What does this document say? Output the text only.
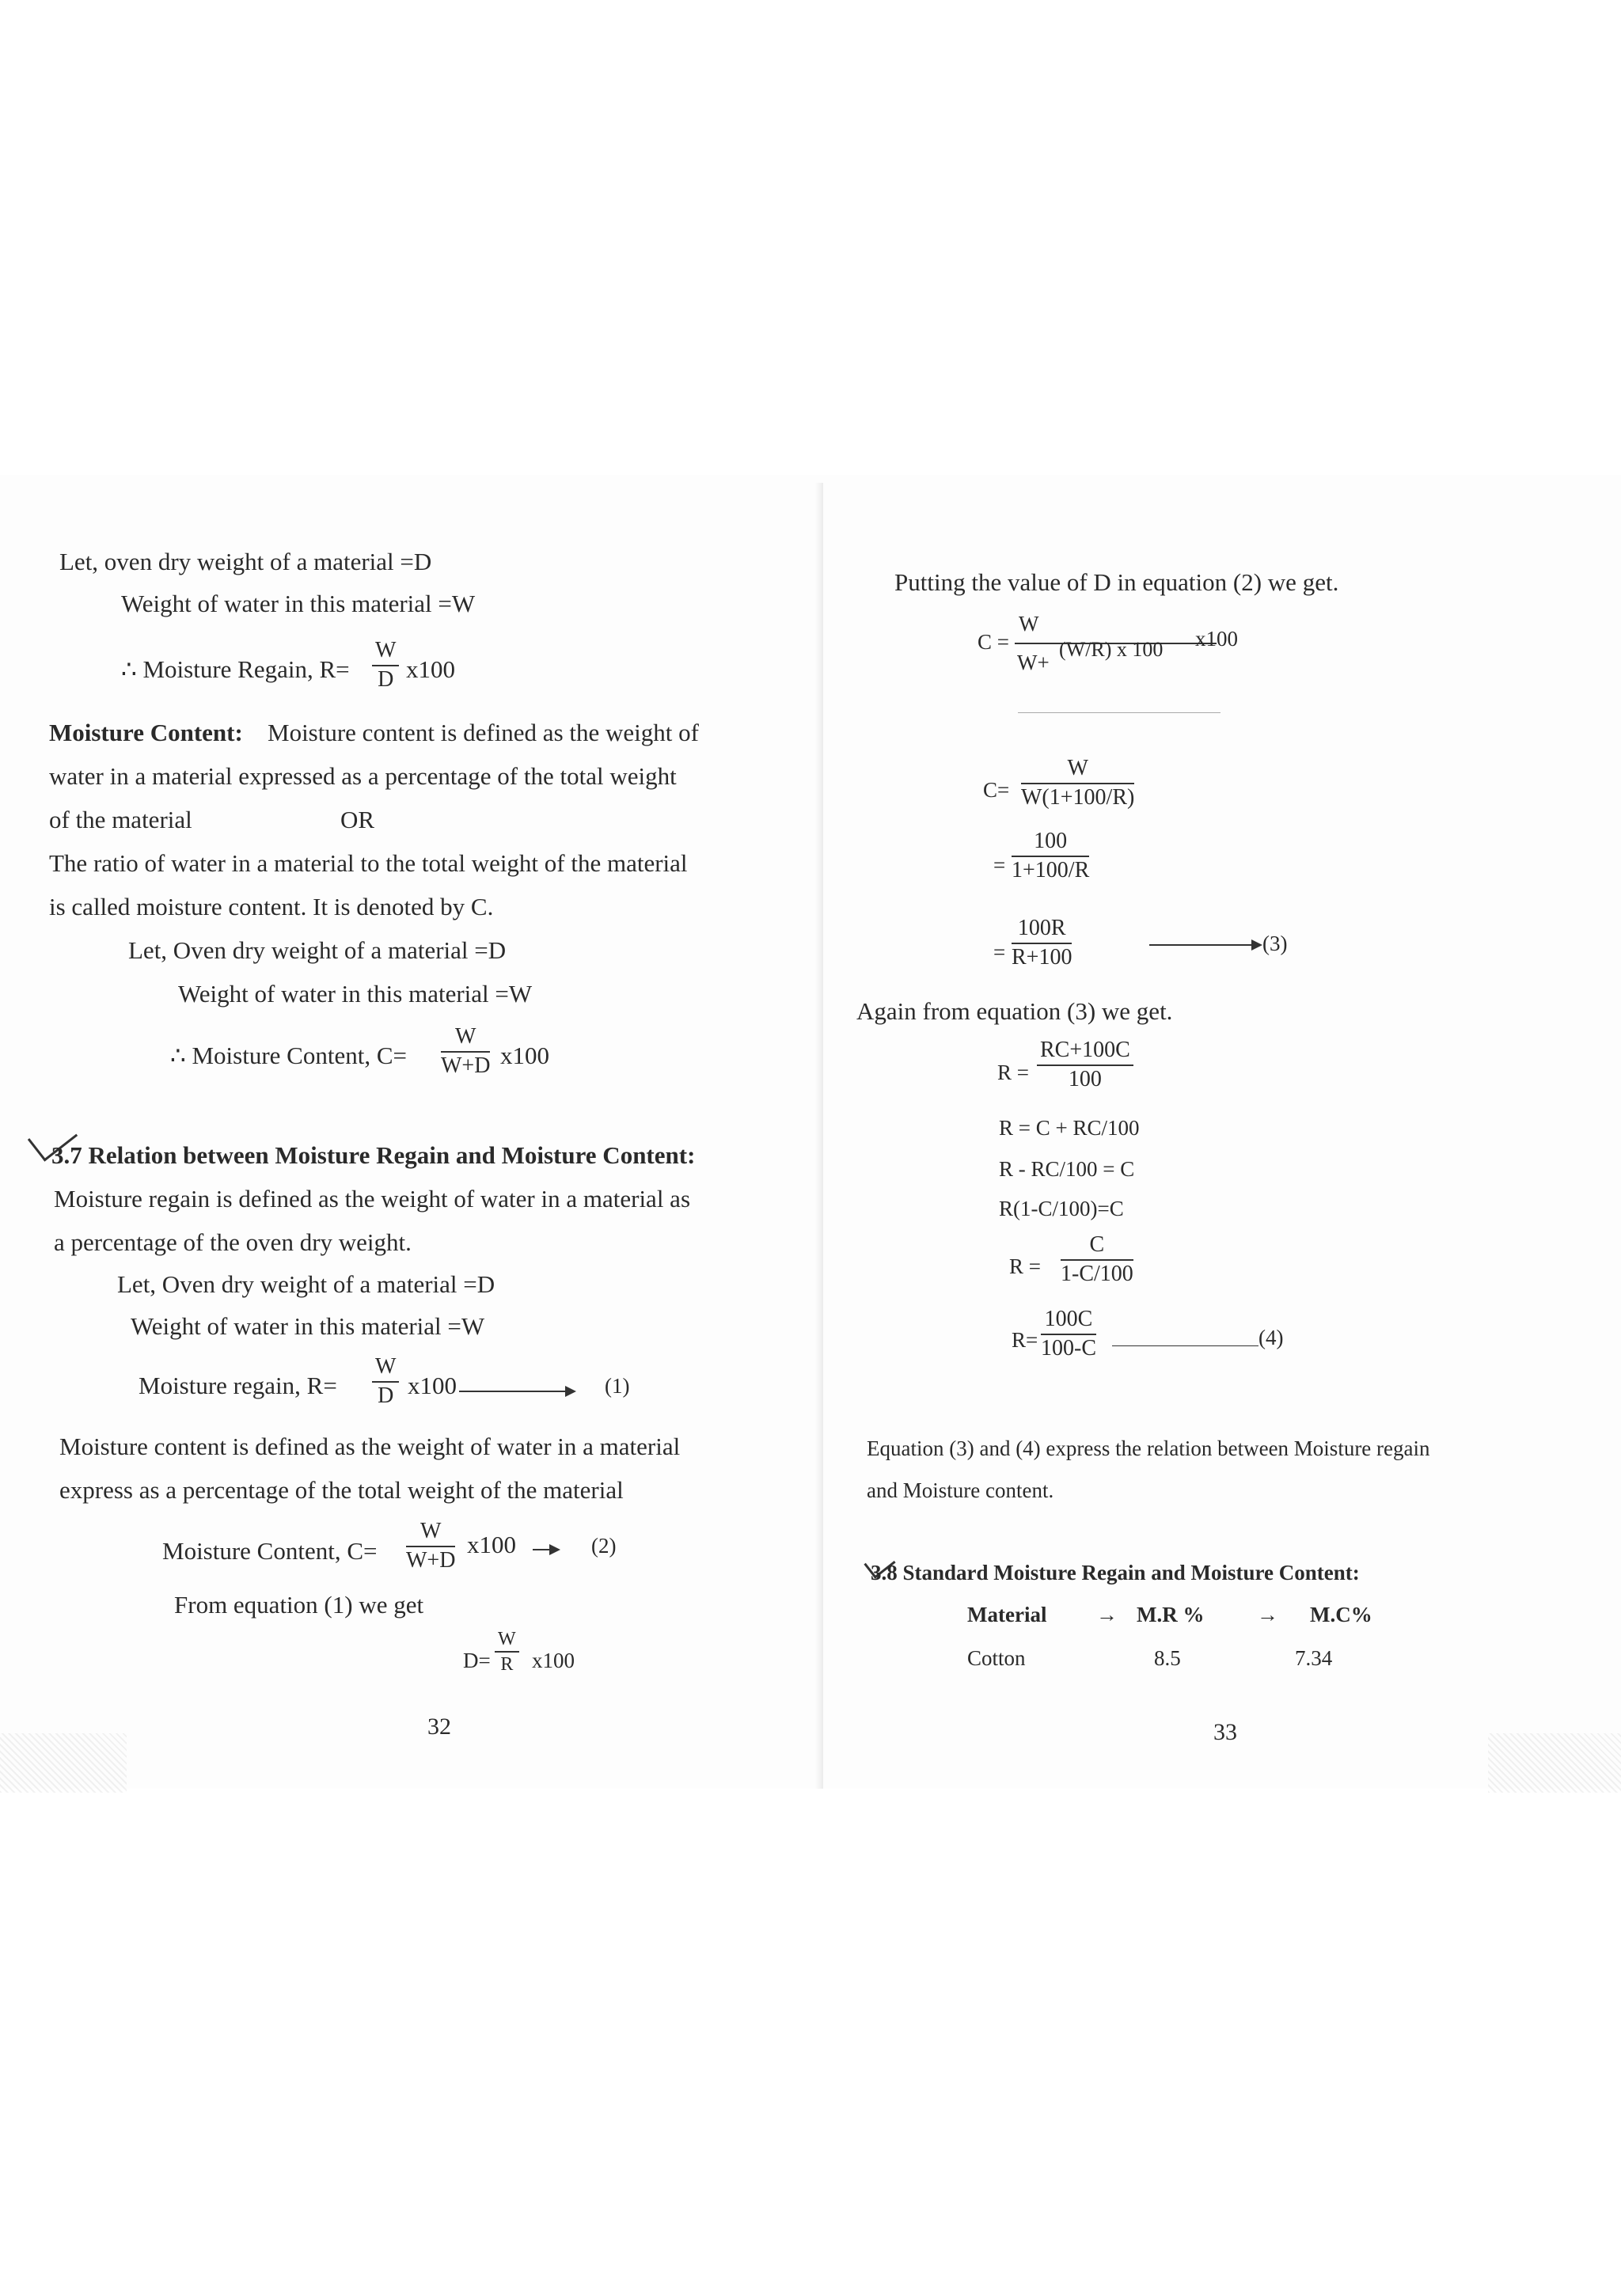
Let, oven dry weight of a material =D
Weight of water in this material =W
∴ Moisture Regain, $R= \frac{W}{D} x100$
Moisture Content: Moisture content is defined as the weight of
water in a material expressed as a percentage of the total weight
of the material	OR
The ratio of water in a material to the total weight of the material
is called moisture content. It is denoted by C.
Let, Oven dry weight of a material =D
Weight of water in this material =W
∴ Moisture Content, $C= \frac{W}{W+D} x100$
3.7 Relation between Moisture Regain and Moisture Content:
Moisture regain is defined as the weight of water in a material as
a percentage of the oven dry weight.
Let, Oven dry weight of a material =D
Weight of water in this material =W
Moisture regain, $R= \frac{W}{D} x100$	(1)
Moisture content is defined as the weight of water in a material
express as a percentage of the total weight of the material
Moisture Content, $C= \frac{W}{W+D} x100$	(2)
From equation (1) we get
$D= \frac{W}{R} x100$
32
Putting the value of D in equation (2) we get.
C =
W
W+
(W/R) x 100 x100
$C= \frac{W}{W(1+100/R)}$
= $\frac{100}{1+100/R}$
= $\frac{100R}{R+100}$	(3)
Again from equation (3) we get.
$R = \frac{RC+100C}{100}$
R = C + RC/100
R - RC/100 = C
R(1-C/100)=C
$R = \frac{C}{1-C/100}$
$R= \frac{100C}{100-C}$	(4)
Equation (3) and (4) express the relation between Moisture regain
and Moisture content.
3.8 Standard Moisture Regain and Moisture Content:
Material → M.R % → M.C%
Cotton	8.5	7.34
33
